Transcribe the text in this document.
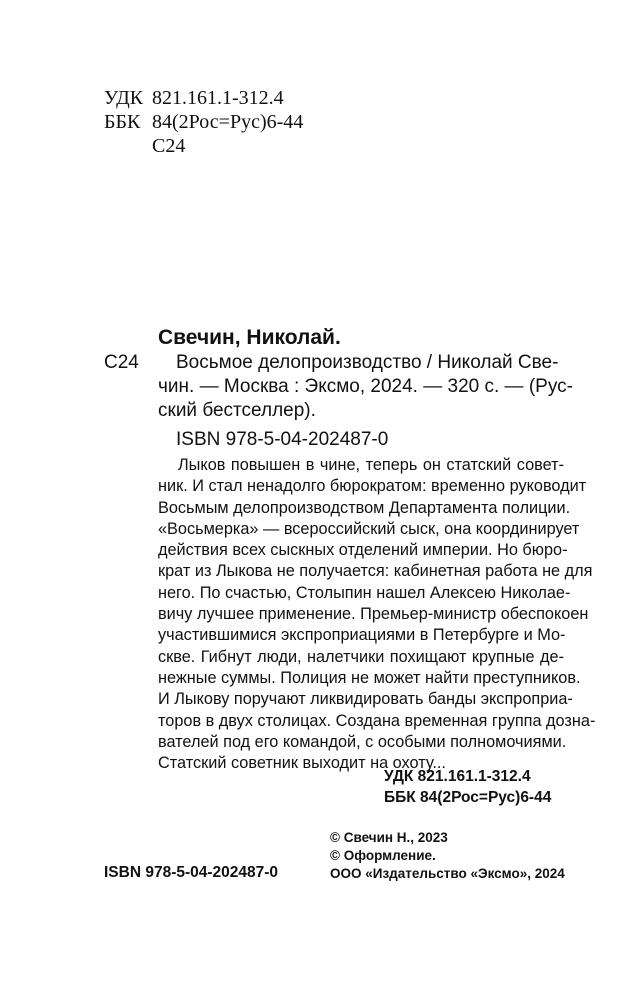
УДК 821.161.1-312.4
ББК 84(2Рос=Рус)6-44
С24
Свечин, Николай.
С24 Восьмое делопроизводство / Николай Све-
чин. — Москва : Эксмо, 2024. — 320 с. — (Рус-
ский бестселлер).
ISBN 978-5-04-202487-0
Лыков повышен в чине, теперь он статский совет-
ник. И стал ненадолго бюрократом: временно руководит
Восьмым делопроизводством Департамента полиции.
«Восьмерка» — всероссийский сыск, она координирует
действия всех сыскных отделений империи. Но бюро-
крат из Лыкова не получается: кабинетная работа не для
него. По счастью, Столыпин нашел Алексею Николае-
вичу лучшее применение. Премьер-министр обеспокоен
участившимися экспроприациями в Петербурге и Мо-
скве. Гибнут люди, налетчики похищают крупные де-
нежные суммы. Полиция не может найти преступников.
И Лыкову поручают ликвидировать банды экспроприа-
торов в двух столицах. Создана временная группа дозна-
вателей под его командой, с особыми полномочиями.
Статский советник выходит на охоту...
УДК 821.161.1-312.4
ББК 84(2Рос=Рус)6-44
© Свечин Н., 2023
© Оформление.
ООО «Издательство «Эксмо», 2024
ISBN 978-5-04-202487-0
